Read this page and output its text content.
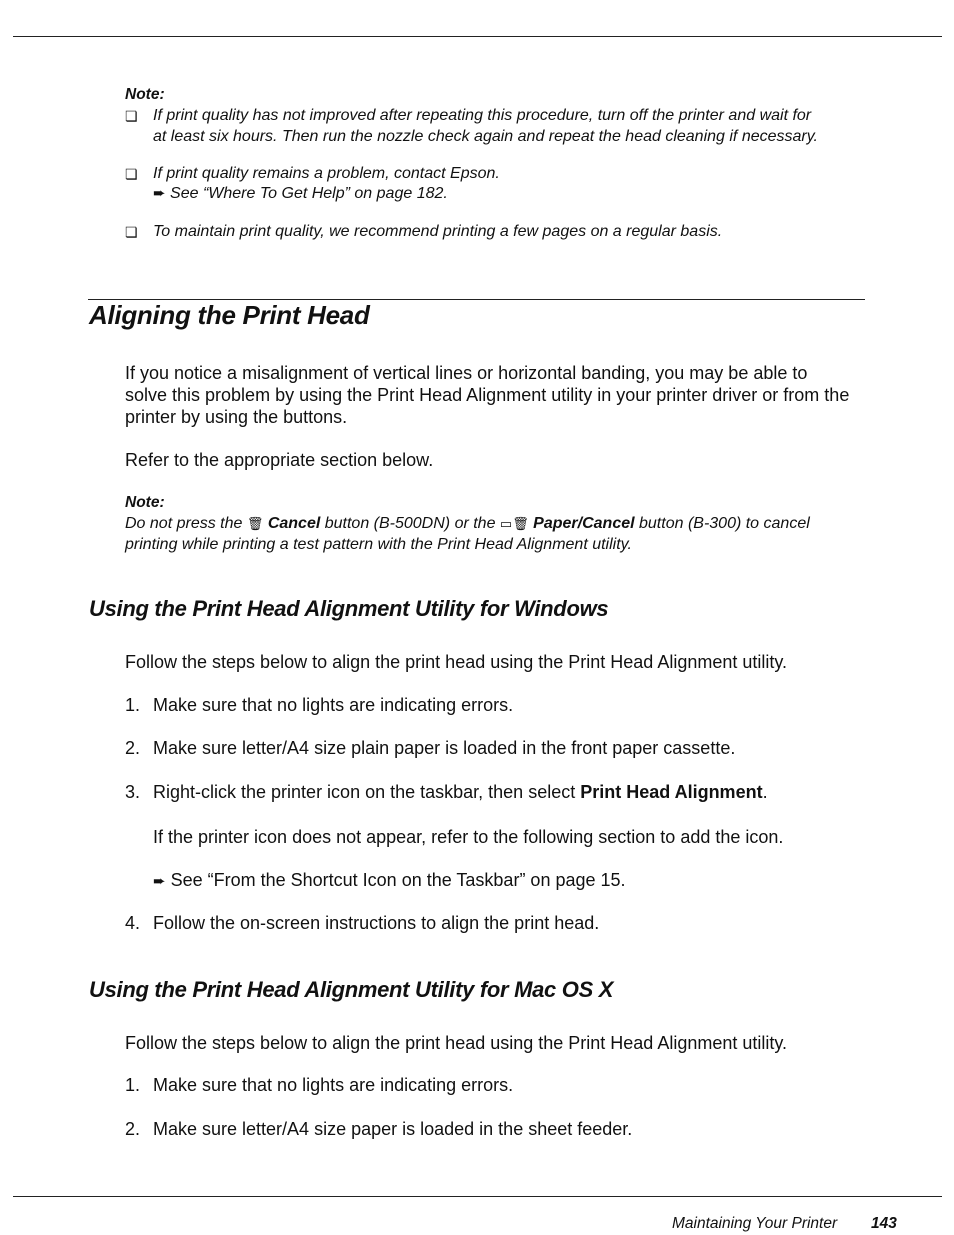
Note:
❏ If print quality has not improved after repeating this procedure, turn off the printer and wait for
at least six hours. Then run the nozzle check again and repeat the head cleaning if necessary.
❏ If print quality remains a problem, contact Epson.
➨ See “Where To Get Help” on page 182.
❏ To maintain print quality, we recommend printing a few pages on a regular basis.
Aligning the Print Head
If you notice a misalignment of vertical lines or horizontal banding, you may be able to
solve this problem by using the Print Head Alignment utility in your printer driver or from the
printer by using the buttons.
Refer to the appropriate section below.
Note:
Do not press the 🗑 Cancel button (B-500DN) or the ▭🗑 Paper/Cancel button (B-300) to cancel
printing while printing a test pattern with the Print Head Alignment utility.
Using the Print Head Alignment Utility for Windows
Follow the steps below to align the print head using the Print Head Alignment utility.
1. Make sure that no lights are indicating errors.
2. Make sure letter/A4 size plain paper is loaded in the front paper cassette.
3. Right-click the printer icon on the taskbar, then select Print Head Alignment.
If the printer icon does not appear, refer to the following section to add the icon.
➨ See “From the Shortcut Icon on the Taskbar” on page 15.
4. Follow the on-screen instructions to align the print head.
Using the Print Head Alignment Utility for Mac OS X
Follow the steps below to align the print head using the Print Head Alignment utility.
1. Make sure that no lights are indicating errors.
2. Make sure letter/A4 size paper is loaded in the sheet feeder.
Maintaining Your Printer 143
